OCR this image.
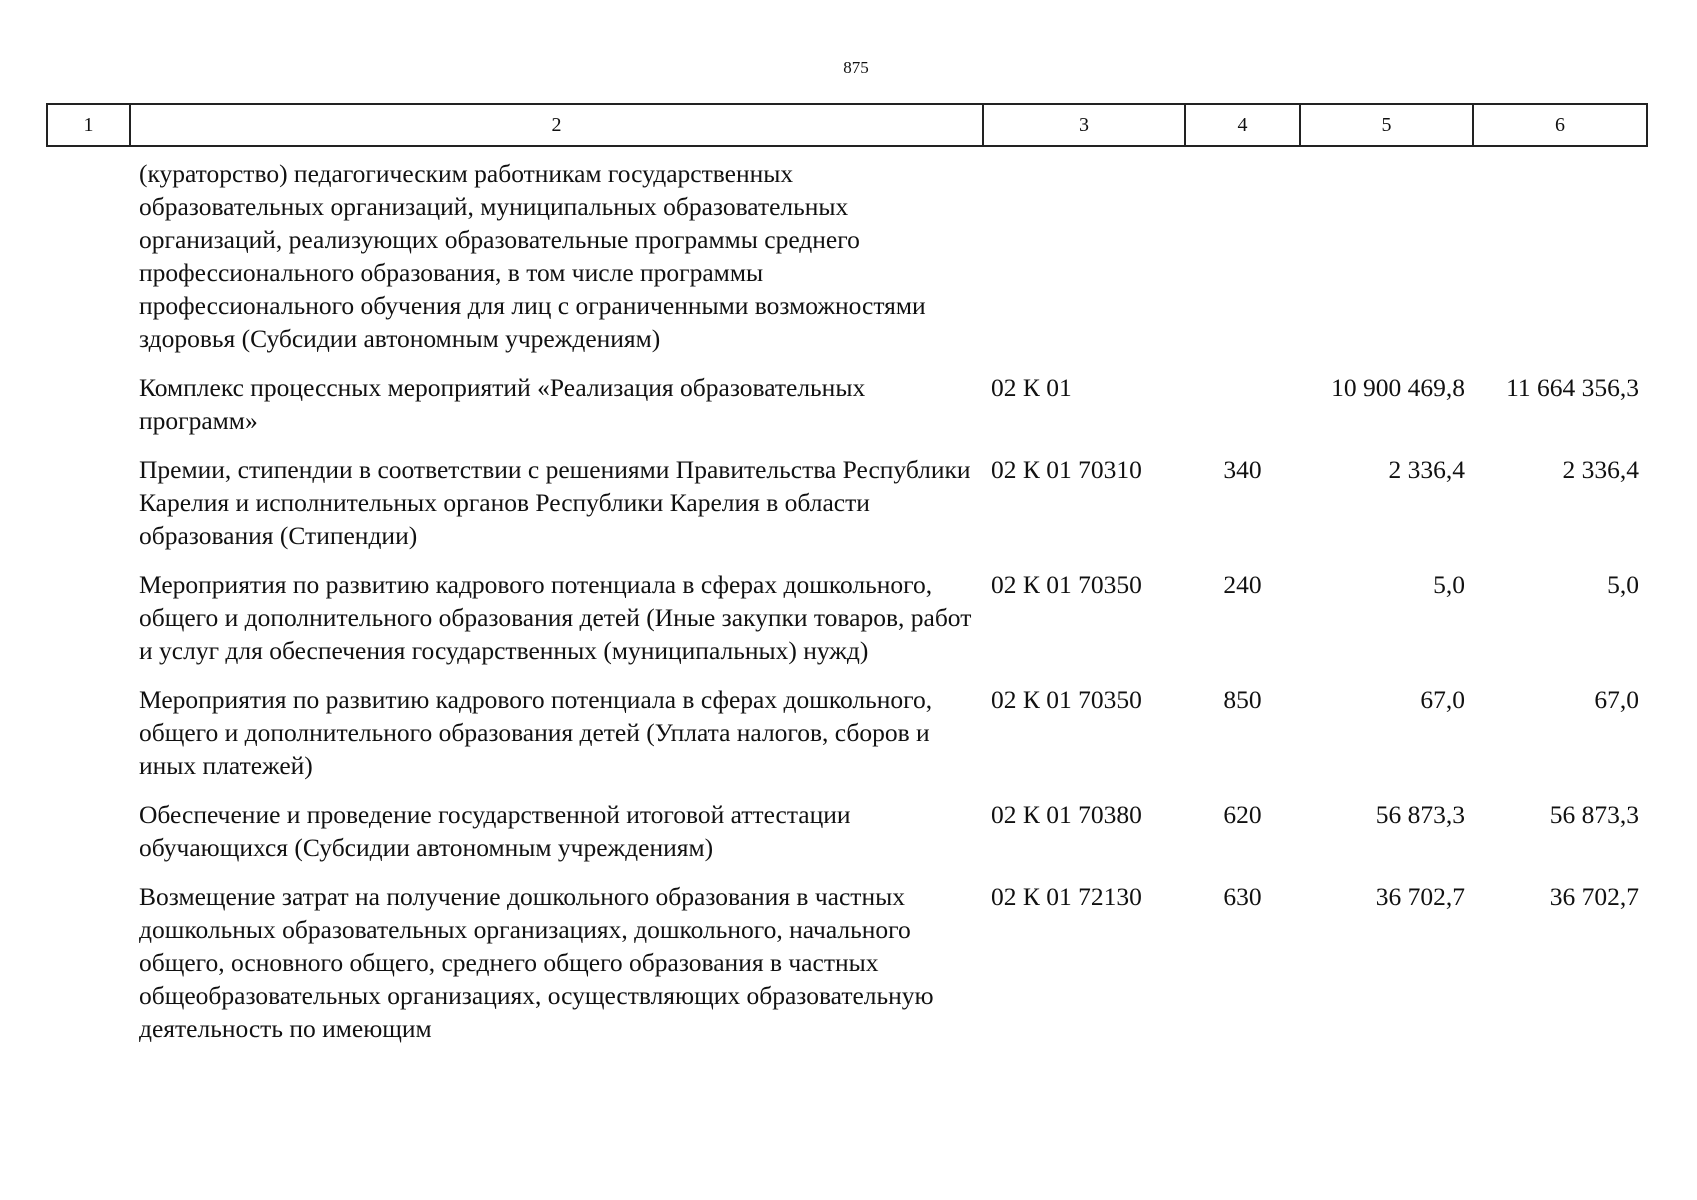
875
1	2	3	4	5	6
(кураторство) педагогическим работникам государственных образовательных организаций, муниципальных образовательных организаций, реализующих образовательные программы среднего профессионального образования, в том числе программы профессионального обучения для лиц с ограниченными возможностями здоровья (Субсидии автономным учреждениям)					
Комплекс процессных мероприятий «Реализация образовательных программ»		02 К 01		10 900 469,8	11 664 356,3
Премии, стипендии в соответствии с решениями Правительства Республики Карелия и исполнительных органов Республики Карелия в области образования (Стипендии)		02 К 01 70310	340	2 336,4	2 336,4
Мероприятия по развитию кадрового потенциала в сферах дошкольного, общего и дополнительного образования детей (Иные закупки товаров, работ и услуг для обеспечения государственных (муниципальных) нужд)		02 К 01 70350	240	5,0	5,0
Мероприятия по развитию кадрового потенциала в сферах дошкольного, общего и дополнительного образования детей (Уплата налогов, сборов и иных платежей)		02 К 01 70350	850	67,0	67,0
Обеспечение и проведение государственной итоговой аттестации обучающихся (Субсидии автономным учреждениям)		02 К 01 70380	620	56 873,3	56 873,3
Возмещение затрат на получение дошкольного образования в частных дошкольных образовательных организациях, дошкольного, начального общего, основного общего, среднего общего образования в частных общеобразовательных организациях, осуществляющих образовательную деятельность по имеющим		02 К 01 72130	630	36 702,7	36 702,7
